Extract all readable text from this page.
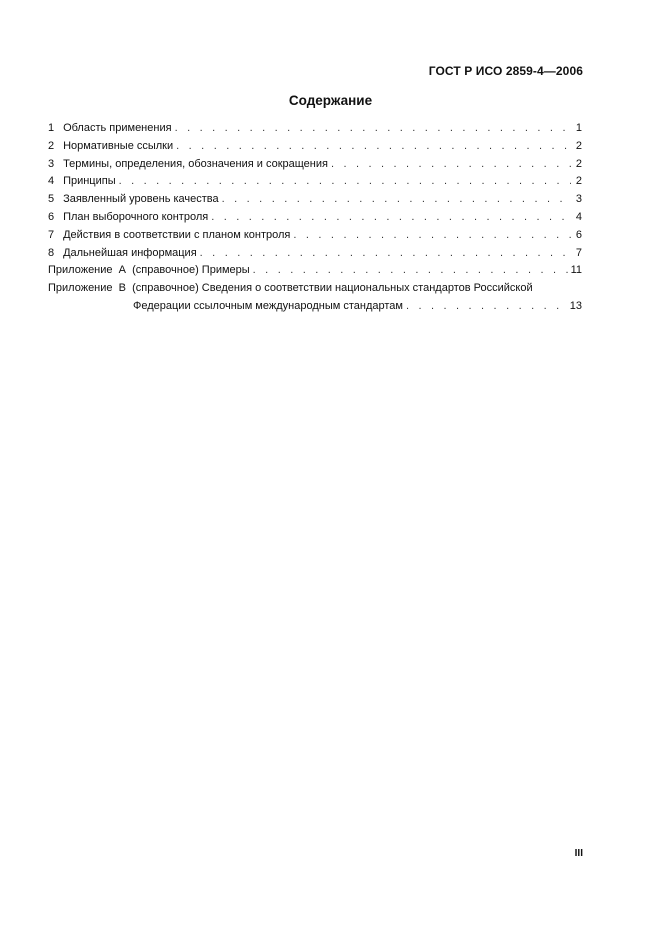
ГОСТ Р ИСО 2859-4—2006
Содержание
1 Область применения . . .	1
2 Нормативные ссылки . . .	2
3 Термины, определения, обозначения и сокращения . . .	2
4 Принципы . . .	2
5 Заявленный уровень качества . . .	3
6 План выборочного контроля . . .	4
7 Действия в соответствии с планом контроля . . .	6
8 Дальнейшая информация . . .	7
Приложение  А  (справочное) Примеры . . .	11
Приложение  В  (справочное)
Сведения о соответствии национальных стандартов Российской
Федерации ссылочным международным стандартам . . .	13
III
